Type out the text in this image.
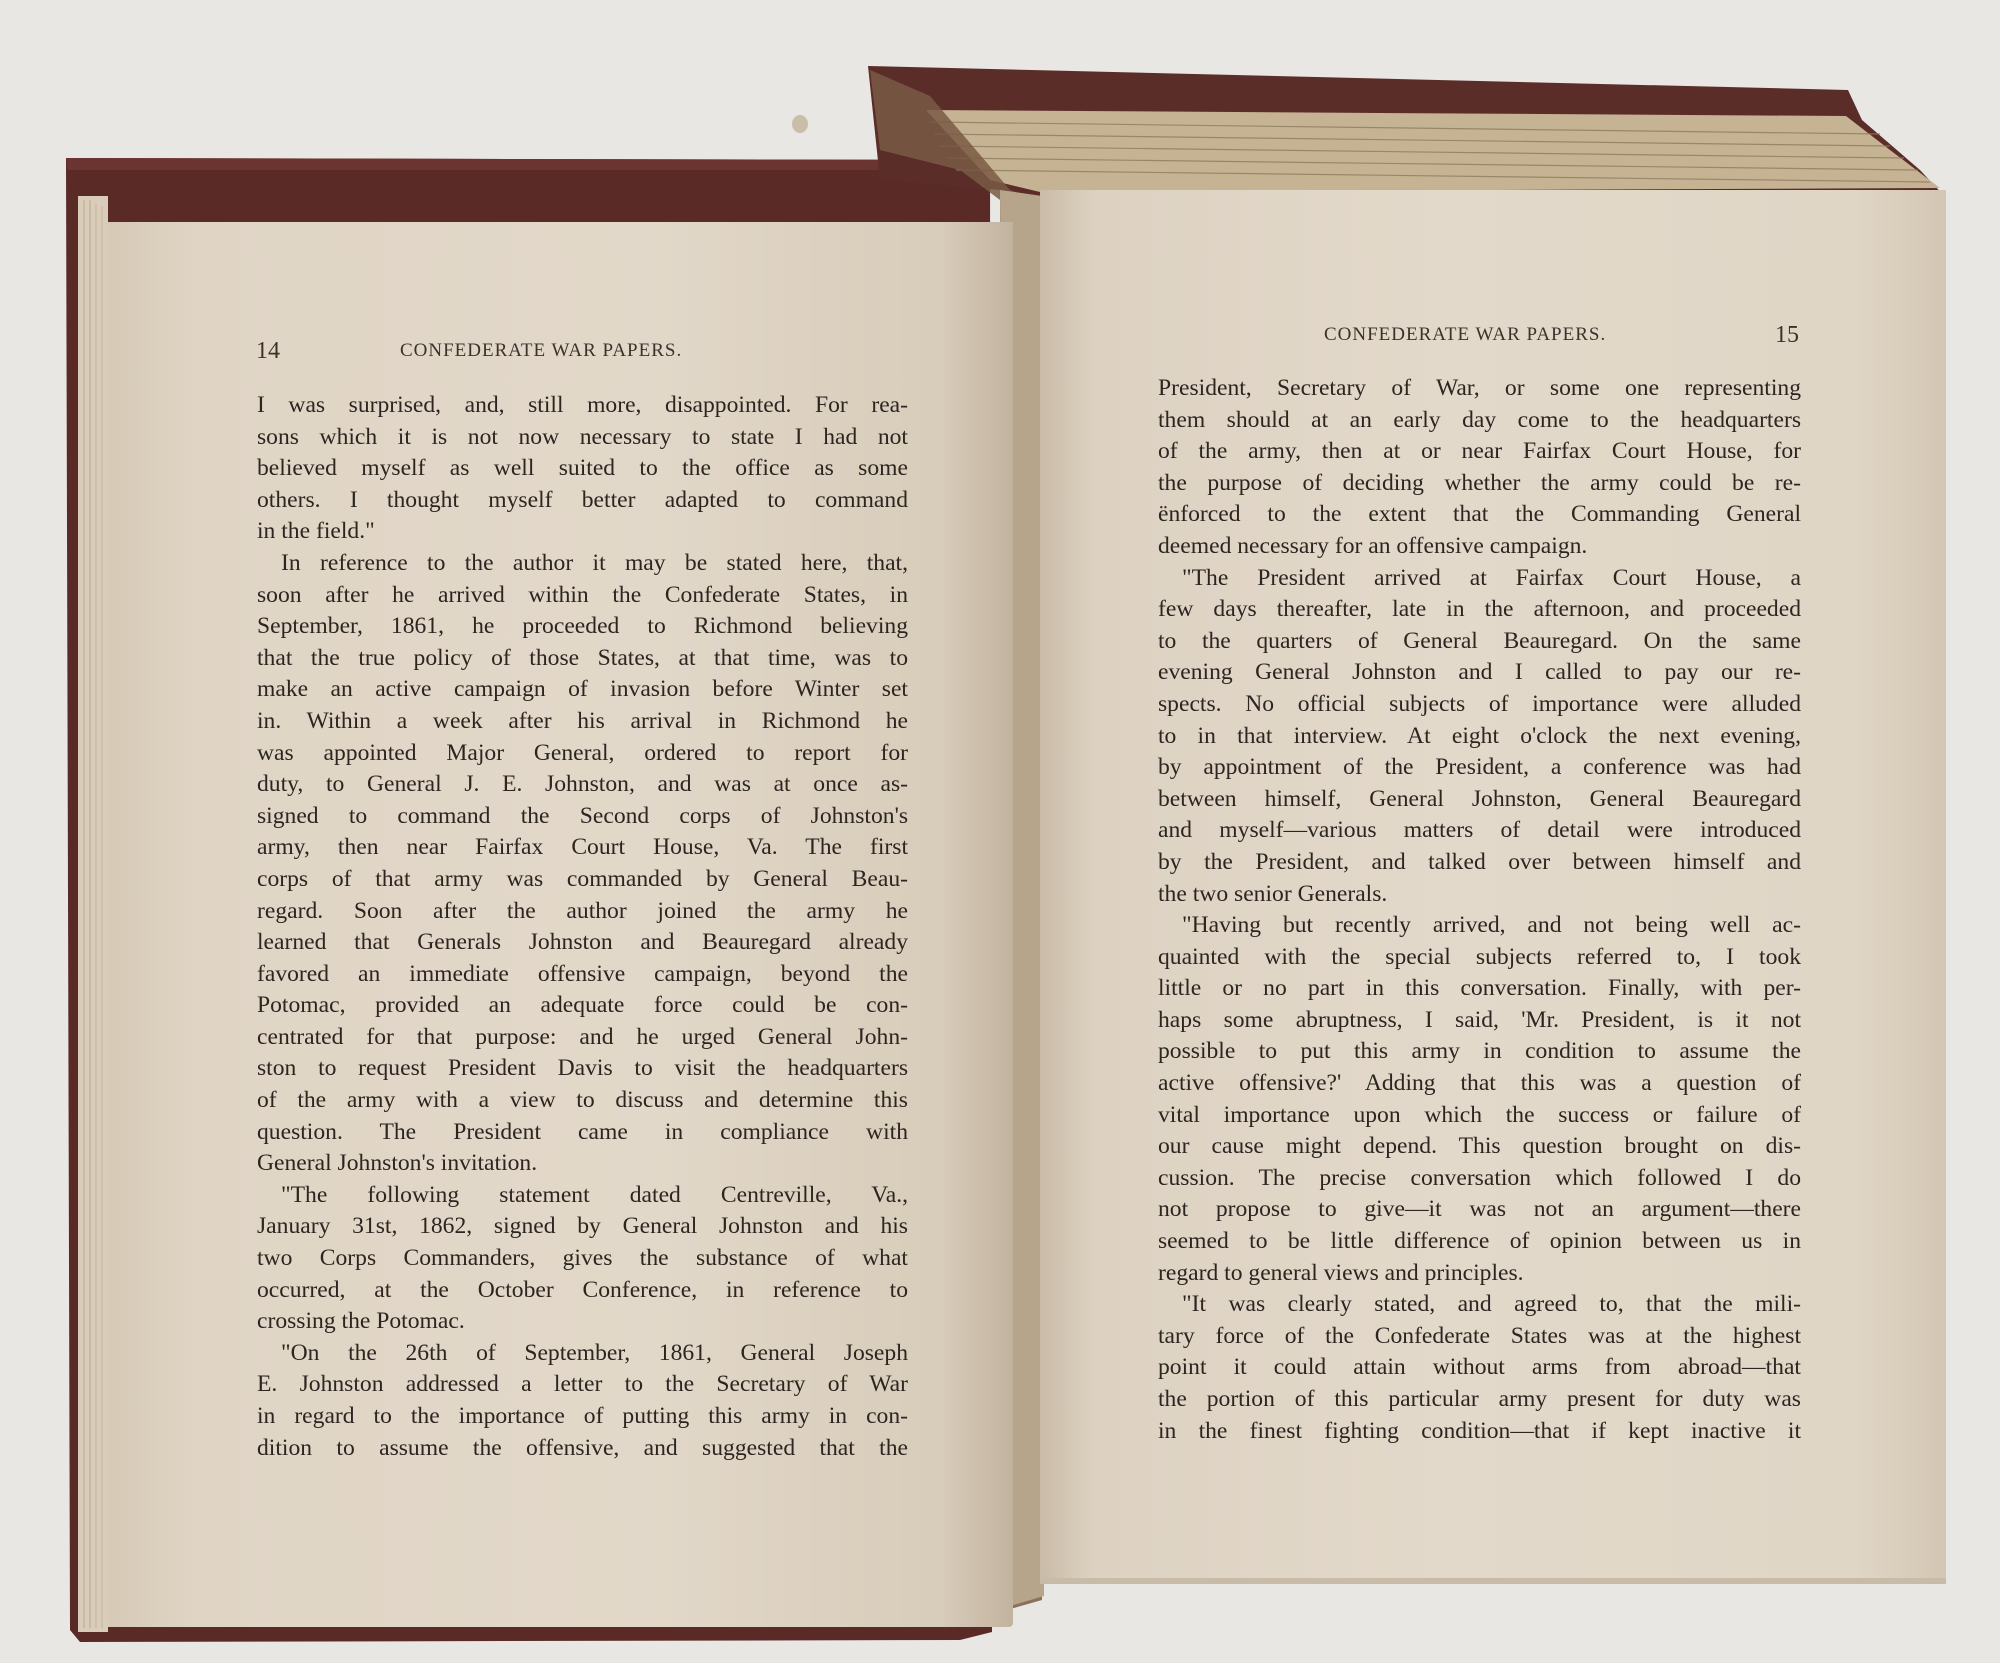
14	CONFEDERATE WAR PAPERS.
I was surprised, and, still more, disappointed. For rea-
sons which it is not now necessary to state I had not
believed myself as well suited to the office as some
others. I thought myself better adapted to command
in the field."
In reference to the author it may be stated here, that,
soon after he arrived within the Confederate States, in
September, 1861, he proceeded to Richmond believing
that the true policy of those States, at that time, was to
make an active campaign of invasion before Winter set
in. Within a week after his arrival in Richmond he
was appointed Major General, ordered to report for
duty, to General J. E. Johnston, and was at once as-
signed to command the Second corps of Johnston's
army, then near Fairfax Court House, Va. The first
corps of that army was commanded by General Beau-
regard. Soon after the author joined the army he
learned that Generals Johnston and Beauregard already
favored an immediate offensive campaign, beyond the
Potomac, provided an adequate force could be con-
centrated for that purpose: and he urged General John-
ston to request President Davis to visit the headquarters
of the army with a view to discuss and determine this
question. The President came in compliance with
General Johnston's invitation.
"The following statement dated Centreville, Va.,
January 31st, 1862, signed by General Johnston and his
two Corps Commanders, gives the substance of what
occurred, at the October Conference, in reference to
crossing the Potomac.
"On the 26th of September, 1861, General Joseph
E. Johnston addressed a letter to the Secretary of War
in regard to the importance of putting this army in con-
dition to assume the offensive, and suggested that the
CONFEDERATE WAR PAPERS.	15
President, Secretary of War, or some one representing
them should at an early day come to the headquarters
of the army, then at or near Fairfax Court House, for
the purpose of deciding whether the army could be re-
ënforced to the extent that the Commanding General
deemed necessary for an offensive campaign.
"The President arrived at Fairfax Court House, a
few days thereafter, late in the afternoon, and proceeded
to the quarters of General Beauregard. On the same
evening General Johnston and I called to pay our re-
spects. No official subjects of importance were alluded
to in that interview. At eight o'clock the next evening,
by appointment of the President, a conference was had
between himself, General Johnston, General Beauregard
and myself—various matters of detail were introduced
by the President, and talked over between himself and
the two senior Generals.
"Having but recently arrived, and not being well ac-
quainted with the special subjects referred to, I took
little or no part in this conversation. Finally, with per-
haps some abruptness, I said, 'Mr. President, is it not
possible to put this army in condition to assume the
active offensive?' Adding that this was a question of
vital importance upon which the success or failure of
our cause might depend. This question brought on dis-
cussion. The precise conversation which followed I do
not propose to give—it was not an argument—there
seemed to be little difference of opinion between us in
regard to general views and principles.
"It was clearly stated, and agreed to, that the mili-
tary force of the Confederate States was at the highest
point it could attain without arms from abroad—that
the portion of this particular army present for duty was
in the finest fighting condition—that if kept inactive it
